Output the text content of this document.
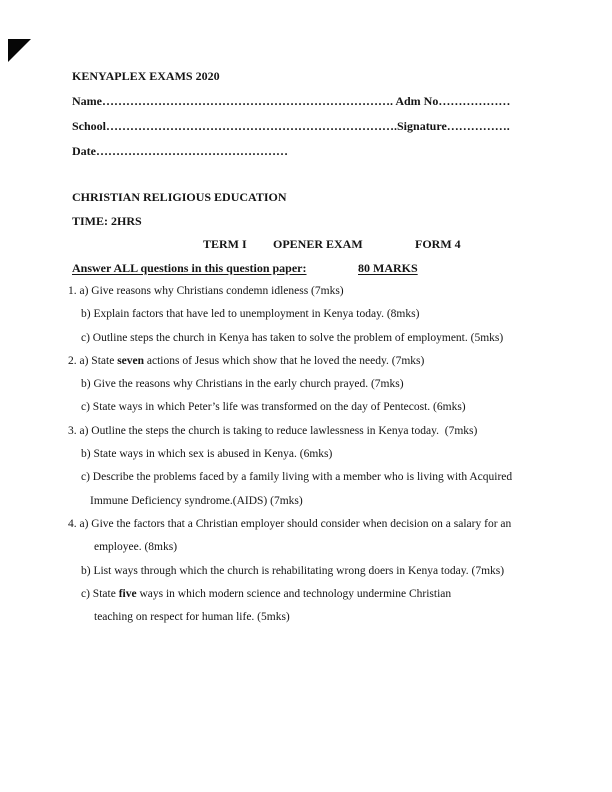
KENYAPLEX EXAMS 2020
Name………………………………………………………………. Adm No………………
School……………………………………………………………….Signature…………….
Date…………………………………………
CHRISTIAN RELIGIOUS EDUCATION
TIME: 2HRS
TERM I OPENER EXAM	FORM 4
Answer ALL questions in this question paper:	80 MARKS
1. a) Give reasons why Christians condemn idleness (7mks)
b) Explain factors that have led to unemployment in Kenya today. (8mks)
c) Outline steps the church in Kenya has taken to solve the problem of employment. (5mks)
2. a) State seven actions of Jesus which show that he loved the needy. (7mks)
b) Give the reasons why Christians in the early church prayed. (7mks)
c) State ways in which Peter’s life was transformed on the day of Pentecost. (6mks)
3. a) Outline the steps the church is taking to reduce lawlessness in Kenya today.  (7mks)
b) State ways in which sex is abused in Kenya. (6mks)
c) Describe the problems faced by a family living with a member who is living with Acquired
Immune Deficiency syndrome.(AIDS) (7mks)
4. a) Give the factors that a Christian employer should consider when decision on a salary for an
employee. (8mks)
b) List ways through which the church is rehabilitating wrong doers in Kenya today. (7mks)
c) State five ways in which modern science and technology undermine Christian
teaching on respect for human life. (5mks)
